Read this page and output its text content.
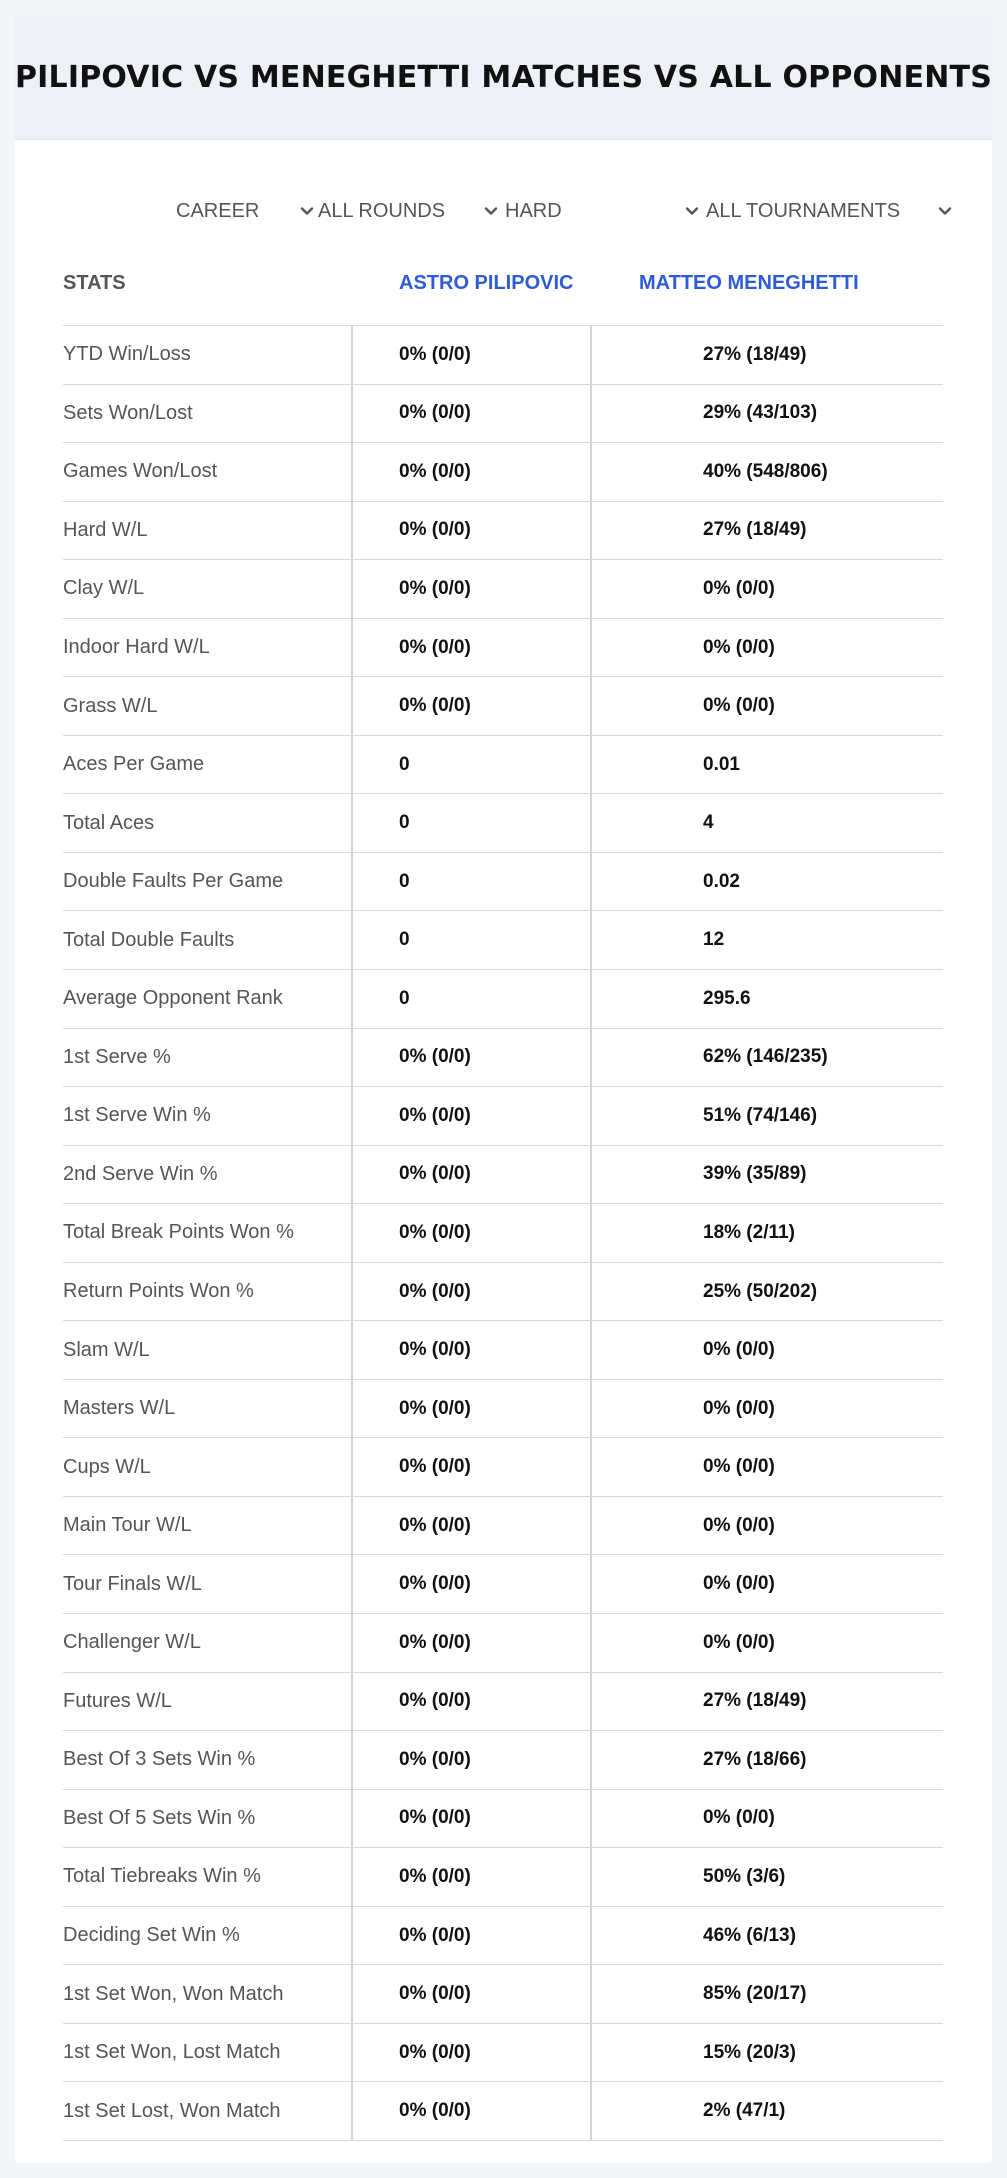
PILIPOVIC VS MENEGHETTI MATCHES VS ALL OPPONENTS
CAREER	ALL ROUNDS	HARD	ALL TOURNAMENTS
STATS	ASTRO PILIPOVIC	MATTEO MENEGHETTI
YTD Win/Loss	0% (0/0)	27% (18/49)
Sets Won/Lost	0% (0/0)	29% (43/103)
Games Won/Lost	0% (0/0)	40% (548/806)
Hard W/L	0% (0/0)	27% (18/49)
Clay W/L	0% (0/0)	0% (0/0)
Indoor Hard W/L	0% (0/0)	0% (0/0)
Grass W/L	0% (0/0)	0% (0/0)
Aces Per Game	0	0.01
Total Aces	0	4
Double Faults Per Game	0	0.02
Total Double Faults	0	12
Average Opponent Rank	0	295.6
1st Serve %	0% (0/0)	62% (146/235)
1st Serve Win %	0% (0/0)	51% (74/146)
2nd Serve Win %	0% (0/0)	39% (35/89)
Total Break Points Won %	0% (0/0)	18% (2/11)
Return Points Won %	0% (0/0)	25% (50/202)
Slam W/L	0% (0/0)	0% (0/0)
Masters W/L	0% (0/0)	0% (0/0)
Cups W/L	0% (0/0)	0% (0/0)
Main Tour W/L	0% (0/0)	0% (0/0)
Tour Finals W/L	0% (0/0)	0% (0/0)
Challenger W/L	0% (0/0)	0% (0/0)
Futures W/L	0% (0/0)	27% (18/49)
Best Of 3 Sets Win %	0% (0/0)	27% (18/66)
Best Of 5 Sets Win %	0% (0/0)	0% (0/0)
Total Tiebreaks Win %	0% (0/0)	50% (3/6)
Deciding Set Win %	0% (0/0)	46% (6/13)
1st Set Won, Won Match	0% (0/0)	85% (20/17)
1st Set Won, Lost Match	0% (0/0)	15% (20/3)
1st Set Lost, Won Match	0% (0/0)	2% (47/1)
